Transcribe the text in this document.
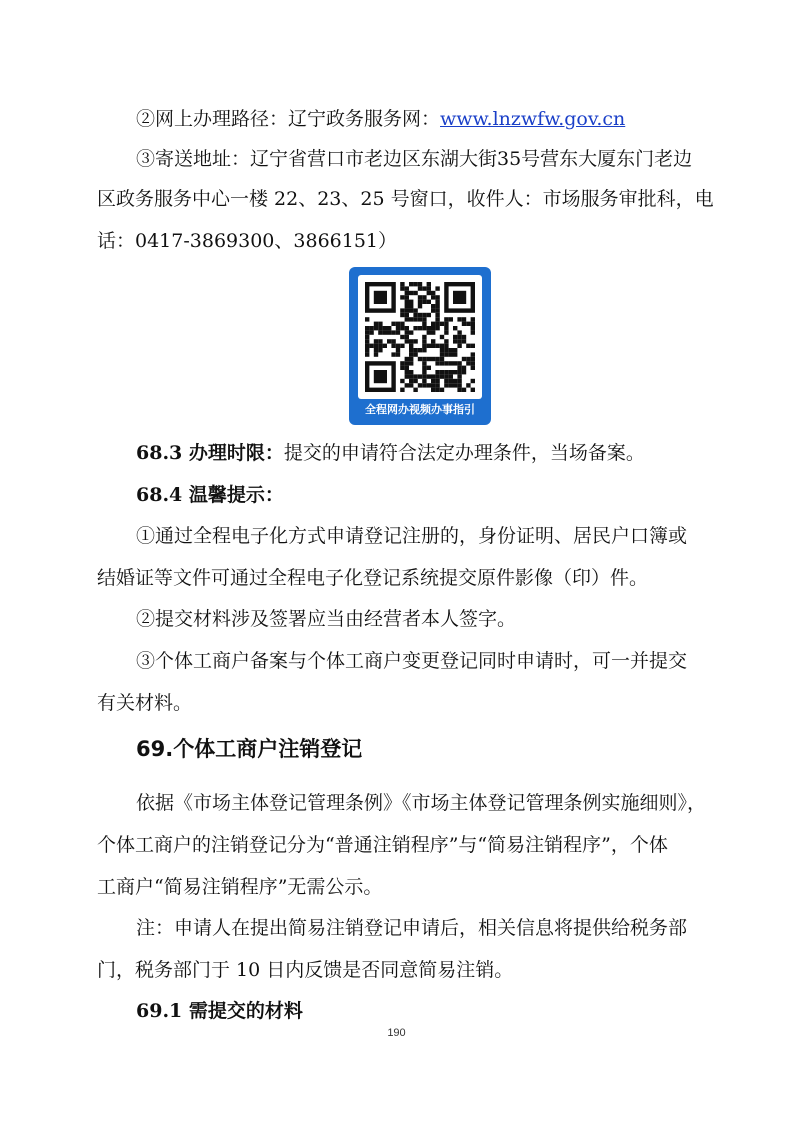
②网上办理路径：辽宁政务服务网：www.lnzwfw.gov.cn
③寄送地址：辽宁省营口市老边区东湖大街35号营东大厦东门老边
区政务服务中心一楼 22、23、25 号窗口，收件人：市场服务审批科，电
话：0417-3869300、3866151）
全程网办视频办事指引
68.3 办理时限：提交的申请符合法定办理条件，当场备案。
68.4 温馨提示：
①通过全程电子化方式申请登记注册的，身份证明、居民户口簿或
结婚证等文件可通过全程电子化登记系统提交原件影像（印）件。
②提交材料涉及签署应当由经营者本人签字。
③个体工商户备案与个体工商户变更登记同时申请时，可一并提交
有关材料。
69.个体工商户注销登记
依据《市场主体登记管理条例》《市场主体登记管理条例实施细则》，
个体工商户的注销登记分为“普通注销程序”与“简易注销程序”，个体
工商户“简易注销程序”无需公示。
注：申请人在提出简易注销登记申请后，相关信息将提供给税务部
门，税务部门于 10 日内反馈是否同意简易注销。
69.1 需提交的材料
190
